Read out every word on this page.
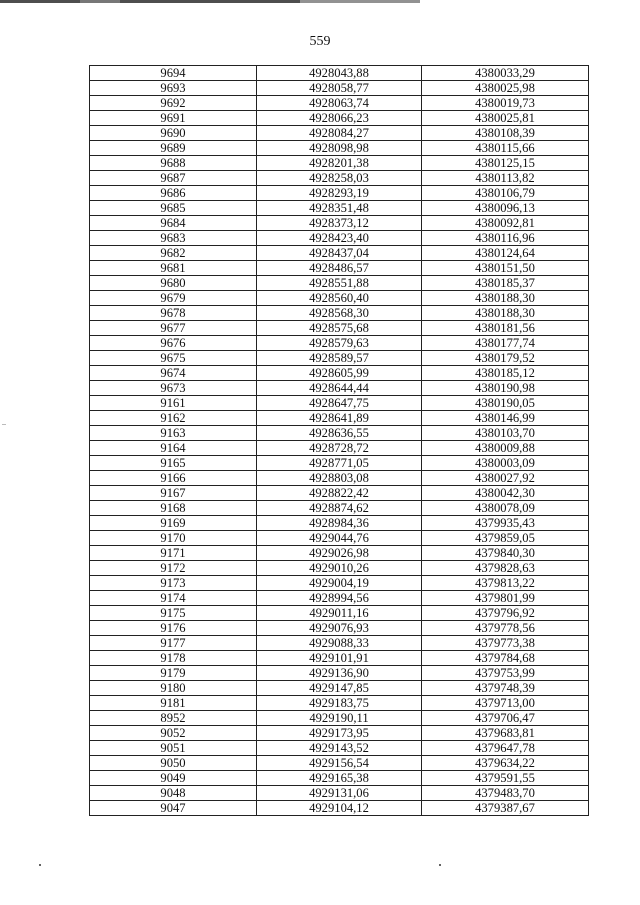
559
9694	4928043,88	4380033,29
9693	4928058,77	4380025,98
9692	4928063,74	4380019,73
9691	4928066,23	4380025,81
9690	4928084,27	4380108,39
9689	4928098,98	4380115,66
9688	4928201,38	4380125,15
9687	4928258,03	4380113,82
9686	4928293,19	4380106,79
9685	4928351,48	4380096,13
9684	4928373,12	4380092,81
9683	4928423,40	4380116,96
9682	4928437,04	4380124,64
9681	4928486,57	4380151,50
9680	4928551,88	4380185,37
9679	4928560,40	4380188,30
9678	4928568,30	4380188,30
9677	4928575,68	4380181,56
9676	4928579,63	4380177,74
9675	4928589,57	4380179,52
9674	4928605,99	4380185,12
9673	4928644,44	4380190,98
9161	4928647,75	4380190,05
9162	4928641,89	4380146,99
9163	4928636,55	4380103,70
9164	4928728,72	4380009,88
9165	4928771,05	4380003,09
9166	4928803,08	4380027,92
9167	4928822,42	4380042,30
9168	4928874,62	4380078,09
9169	4928984,36	4379935,43
9170	4929044,76	4379859,05
9171	4929026,98	4379840,30
9172	4929010,26	4379828,63
9173	4929004,19	4379813,22
9174	4928994,56	4379801,99
9175	4929011,16	4379796,92
9176	4929076,93	4379778,56
9177	4929088,33	4379773,38
9178	4929101,91	4379784,68
9179	4929136,90	4379753,99
9180	4929147,85	4379748,39
9181	4929183,75	4379713,00
8952	4929190,11	4379706,47
9052	4929173,95	4379683,81
9051	4929143,52	4379647,78
9050	4929156,54	4379634,22
9049	4929165,38	4379591,55
9048	4929131,06	4379483,70
9047	4929104,12	4379387,67
